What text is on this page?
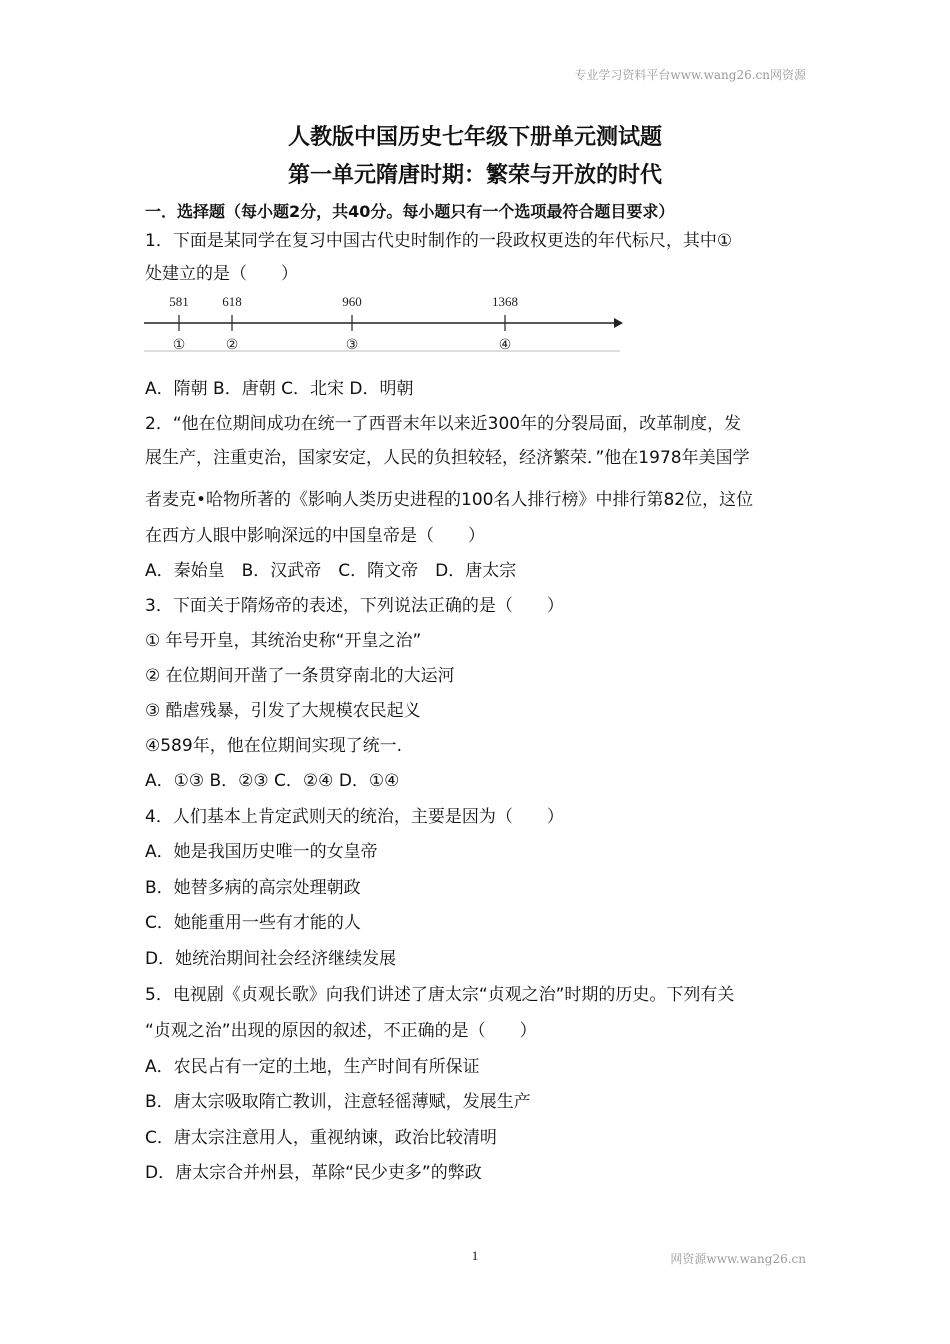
专业学习资料平台www.wang26.cn网资源
人教版中国历史七年级下册单元测试题
第一单元隋唐时期：繁荣与开放的时代
一．选择题（每小题2分，共40分。每小题只有一个选项最符合题目要求）
1．下面是某同学在复习中国古代史时制作的一段政权更迭的年代标尺，其中①
处建立的是（　　）
581	618	960	1368
①	②	③	④
A．隋朝 B．唐朝 C．北宋 D．明朝
2．“他在位期间成功在统一了西晋末年以来近300年的分裂局面，改革制度，发
展生产，注重吏治，国家安定，人民的负担较轻，经济繁荣．”他在1978年美国学
者麦克•哈物所著的《影响人类历史进程的100名人排行榜》中排行第82位，这位
在西方人眼中影响深远的中国皇帝是（　　）
A．秦始皇　B．汉武帝　C．隋文帝　D．唐太宗
3．下面关于隋炀帝的表述，下列说法正确的是（　　）
① 年号开皇，其统治史称“开皇之治”
② 在位期间开凿了一条贯穿南北的大运河
③ 酷虐残暴，引发了大规模农民起义
④589年，他在位期间实现了统一.
A．①③ B．②③ C．②④ D．①④
4．人们基本上肯定武则天的统治，主要是因为（　　）
A．她是我国历史唯一的女皇帝
B．她替多病的高宗处理朝政
C．她能重用一些有才能的人
D．她统治期间社会经济继续发展
5．电视剧《贞观长歌》向我们讲述了唐太宗“贞观之治”时期的历史。下列有关
“贞观之治”出现的原因的叙述，不正确的是（　　）
A．农民占有一定的土地，生产时间有所保证
B．唐太宗吸取隋亡教训，注意轻徭薄赋，发展生产
C．唐太宗注意用人，重视纳谏，政治比较清明
D．唐太宗合并州县，革除“民少吏多”的弊政
1	网资源www.wang26.cn
